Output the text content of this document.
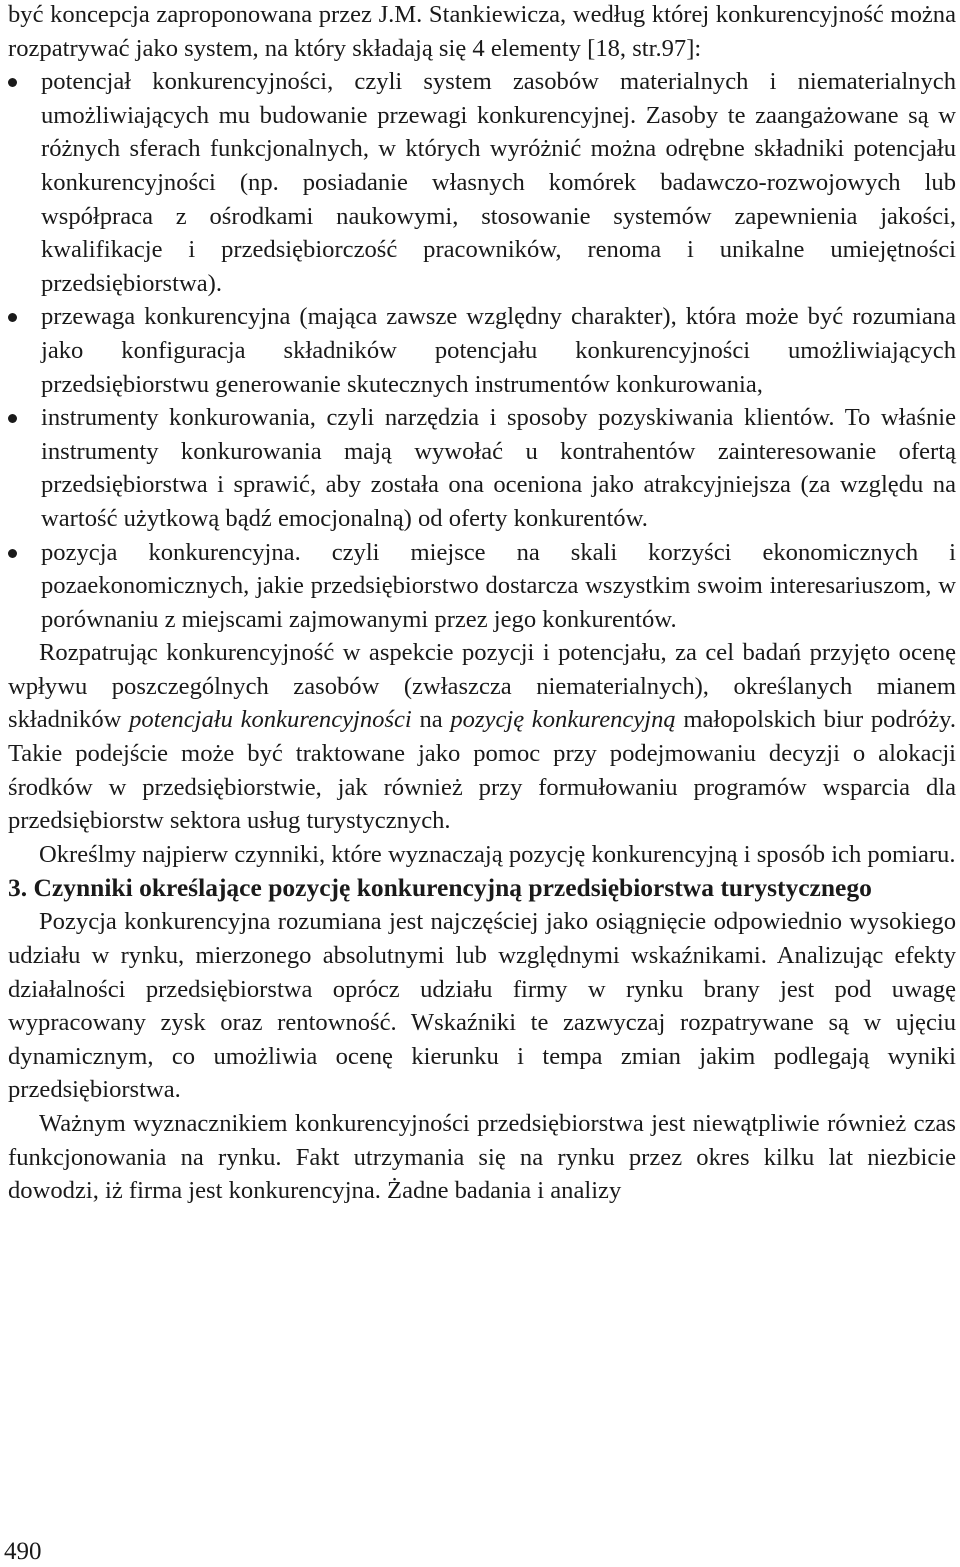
być koncepcja zaproponowana przez J.M. Stankiewicza, według której konkurencyjność można rozpatrywać jako system, na który składają się 4 elementy [18, str.97]:

potencjał konkurencyjności, czyli system zasobów materialnych i niematerialnych umożliwiających mu budowanie przewagi konkurencyjnej. Zasoby te zaangażowane są w różnych sferach funkcjonalnych, w których wyróżnić można odrębne składniki potencjału konkurencyjności (np. posiadanie własnych komórek badawczo-rozwojowych lub współpraca z ośrodkami naukowymi, stosowanie systemów zapewnienia jakości, kwalifikacje i przedsiębiorczość pracowników, renoma i unikalne umiejętności przedsiębiorstwa).
przewaga konkurencyjna (mająca zawsze względny charakter), która może być rozumiana jako konfiguracja składników potencjału konkurencyjności umożliwiających przedsiębiorstwu generowanie skutecznych instrumentów konkurowania,
instrumenty konkurowania, czyli narzędzia i sposoby pozyskiwania klientów. To właśnie instrumenty konkurowania mają wywołać u kontrahentów zainteresowanie ofertą przedsiębiorstwa i sprawić, aby została ona oceniona jako atrakcyjniejsza (za względu na wartość użytkową bądź emocjonalną) od oferty konkurentów.
pozycja konkurencyjna. czyli miejsce na skali korzyści ekonomicznych i pozaekonomicznych, jakie przedsiębiorstwo dostarcza wszystkim swoim interesariuszom, w porównaniu z miejscami zajmowanymi przez jego konkurentów.

Rozpatrując konkurencyjność w aspekcie pozycji i potencjału, za cel badań przyjęto ocenę wpływu poszczególnych zasobów (zwłaszcza niematerialnych), określanych mianem składników potencjału konkurencyjności na pozycję konkurencyjną małopolskich biur podróży. Takie podejście może być traktowane jako pomoc przy podejmowaniu decyzji o alokacji środków w przedsiębiorstwie, jak również przy formułowaniu programów wsparcia dla przedsiębiorstw sektora usług turystycznych.

Określmy najpierw czynniki, które wyznaczają pozycję konkurencyjną i sposób ich pomiaru.

3. Czynniki określające pozycję konkurencyjną przedsiębiorstwa turystycznego

Pozycja konkurencyjna rozumiana jest najczęściej jako osiągnięcie odpowiednio wysokiego udziału w rynku, mierzonego absolutnymi lub względnymi wskaźnikami. Analizując efekty działalności przedsiębiorstwa oprócz udziału firmy w rynku brany jest pod uwagę wypracowany zysk oraz rentowność. Wskaźniki te zazwyczaj rozpatrywane są w ujęciu dynamicznym, co umożliwia ocenę kierunku i tempa zmian jakim podlegają wyniki przedsiębiorstwa.

Ważnym wyznacznikiem konkurencyjności przedsiębiorstwa jest niewątpliwie również czas funkcjonowania na rynku. Fakt utrzymania się na rynku przez okres kilku lat niezbicie dowodzi, iż firma jest konkurencyjna. Żadne badania i analizy

490
